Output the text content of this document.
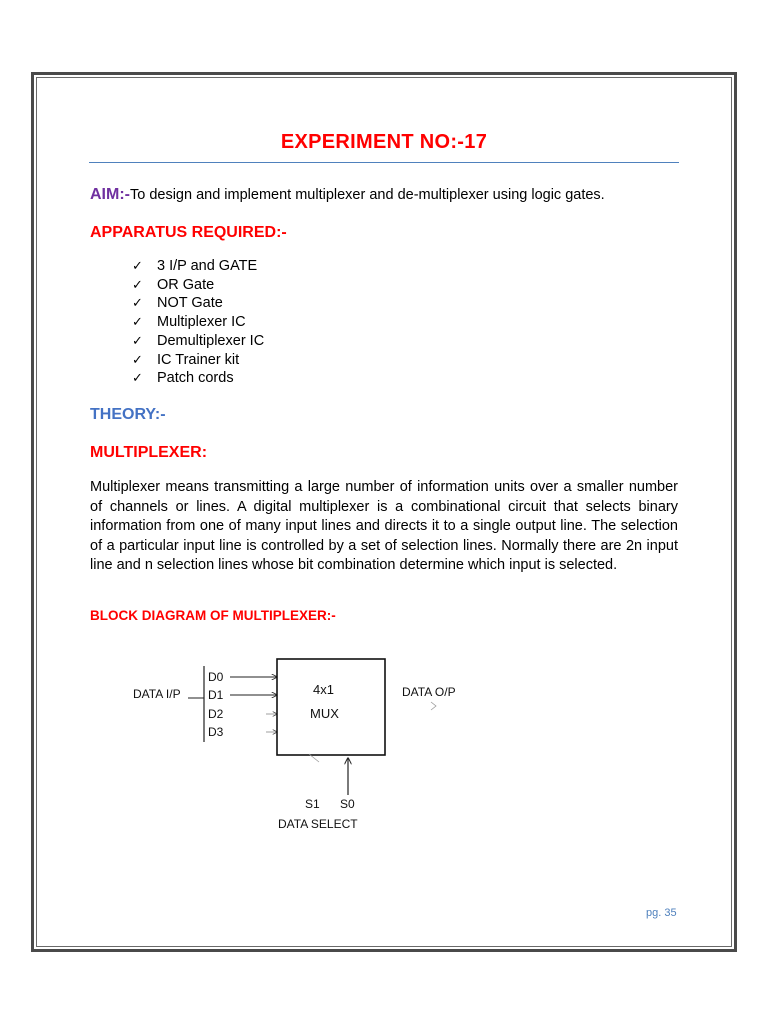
EXPERIMENT NO:-17
AIM:-To design and implement multiplexer and de-multiplexer using logic gates.
APPARATUS REQUIRED:-
✓ 3 I/P and GATE
✓ OR Gate
✓ NOT Gate
✓ Multiplexer IC
✓ Demultiplexer IC
✓ IC Trainer kit
✓ Patch cords
THEORY:-
MULTIPLEXER:

Multiplexer means transmitting a large number of information units over a smaller number of channels or lines. A digital multiplexer is a combinational circuit that selects binary information from one of many input lines and directs it to a single output line. The selection of a particular input line is controlled by a set of selection lines. Normally there are 2n input line and n selection lines whose bit combination determine which input is selected.

BLOCK DIAGRAM OF MULTIPLEXER:-
DATA I/P
D0
D1
D2
D3
4x1
MUX
DATA O/P
S1 S0
DATA SELECT
pg. 35
